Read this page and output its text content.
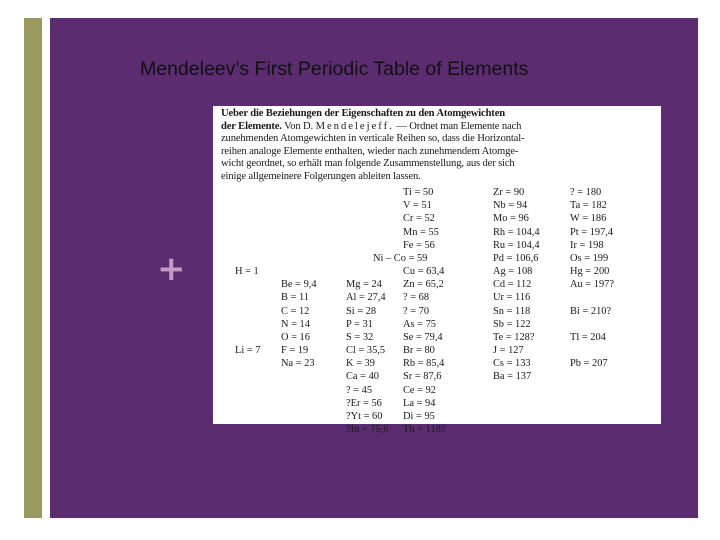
Mendeleev’s First Periodic Table of Elements
+
Ueber die Beziehungen der Eigenschaften zu den Atomgewichten
der Elemente. Von D. Mendelejeff. — Ordnet man Elemente nach
zunehmenden Atomgewichten in verticale Reihen so, dass die Horizontal-
reihen analoge Elemente enthalten, wieder nach zunehmendem Atomge-
wicht geordnet, so erhält man folgende Zusammenstellung, aus der sich
einige allgemeinere Folgerungen ableiten lassen.
H = 1
Li = 7
Be = 9,4
B = 11
C = 12
N = 14
O = 16
F = 19
Na = 23
Mg = 24
Al = 27,4
Si = 28
P = 31
S = 32
Cl = 35,5
K = 39
Ca = 40
? = 45
?Er = 56
?Yt = 60
?In = 75,6
Ti = 50
V = 51
Cr = 52
Mn = 55
Fe = 56
Ni – Co = 59
Cu = 63,4
Zn = 65,2
? = 68
? = 70
As = 75
Se = 79,4
Br = 80
Rb = 85,4
Sr = 87,6
Ce = 92
La = 94
Di = 95
Th = 118?
Zr = 90
Nb = 94
Mo = 96
Rh = 104,4
Ru = 104,4
Pd = 106,6
Ag = 108
Cd = 112
Ur = 116
Sn = 118
Sb = 122
Te = 128?
J = 127
Cs = 133
Ba = 137
? = 180
Ta = 182
W = 186
Pt = 197,4
Ir = 198
Os = 199
Hg = 200
Au = 197?
Bi = 210?
Tl = 204
Pb = 207
